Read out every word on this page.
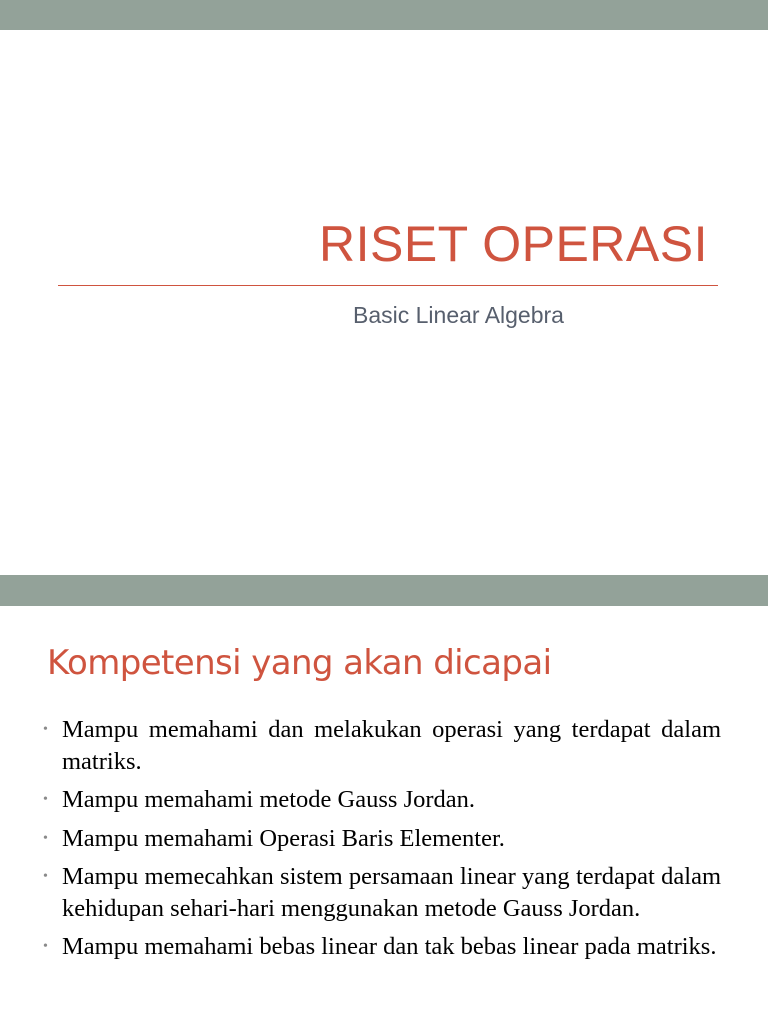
RISET OPERASI

Basic Linear Algebra

Kompetensi yang akan dicapai
• Mampu memahami dan melakukan operasi yang terdapat dalam matriks.
• Mampu memahami metode Gauss Jordan.
• Mampu memahami Operasi Baris Elementer.
• Mampu memecahkan sistem persamaan linear yang terdapat dalam kehidupan sehari-hari menggunakan metode Gauss Jordan.
• Mampu memahami bebas linear dan tak bebas linear pada matriks.
